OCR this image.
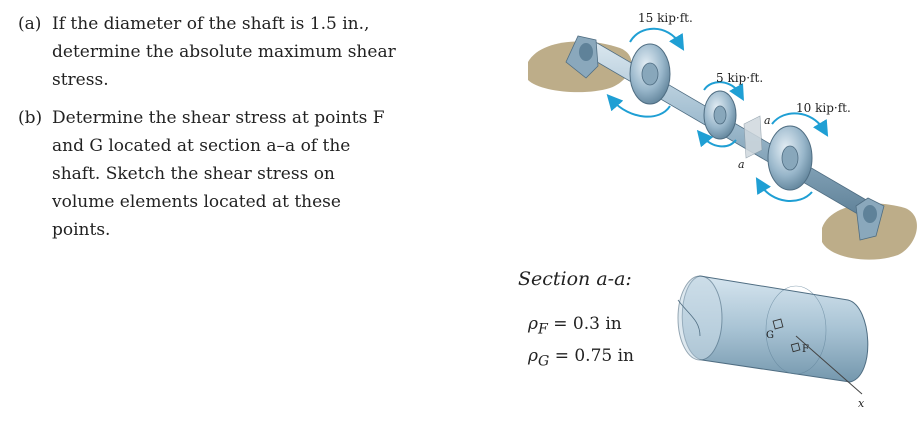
(a) If the diameter of the shaft is 1.5 in.,
determine the absolute maximum shear
stress.
(b) Determine the shear stress at points F
and G located at section a–a of the
shaft. Sketch the shear stress on
volume elements located at these
points.
15 kip·ft.
5 kip·ft.
10 kip·ft.
a
a
G
F
x
Section a-a:
$\rho_F = 0.3$ in
$\rho_G = 0.75$ in
